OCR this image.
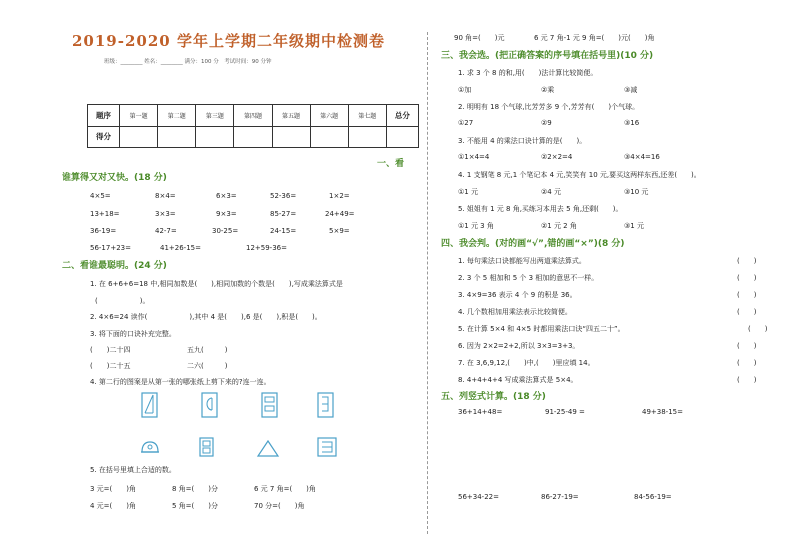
2019-2020 学年上学期二年级期中检测卷
班级：________ 姓名：________ 满分：100 分　考试时间：90 分钟
题序	第一题	第二题	第三题	第四题	第五题	第六题	第七题	总分
得分								
一、看
谁算得又对又快。(18 分)
4×5=	8×4=	6×3=	52-36=	1×2=
13+18=	3×3=	9×3=	85-27=	24+49=
36-19=	42-7=	30-25=	24-15=	5×9=
56-17+23=	41+26-15=	12+59-36=
二、看谁最聪明。(24 分)
1. 在 6+6+6=18 中,相同加数是(　　),相同加数的个数是(　　),写成乘法算式是
(　　　　　　)。
2. 4×6=24 读作(　　　　　　),其中 4 是(　　),6 是(　　),积是(　　)。
3. 将下面的口诀补充完整。
(　　)二十四	五九(　　　)
(　　)二十五	二六(　　　)
4. 第二行的图案是从第一张的哪张纸上剪下来的?连一连。
5. 在括号里填上合适的数。
3 元=(　　)角	8 角=(　　)分	6 元 7 角=(　　)角
4 元=(　　)角	5 角=(　　)分	70 分=(　　)角
90 角=(　　)元	6 元 7 角-1 元 9 角=(　　)元(　　)角
三、我会选。(把正确答案的序号填在括号里)(10 分)
1. 求 3 个 8 的和,用(　　)法计算比较简便。
①加	②乘	③减
2. 明明有 18 个气球,比芳芳多 9 个,芳芳有(　　)个气球。
①27	②9	③16
3. 不能用 4 的乘法口诀计算的是(　　)。
①1×4=4	②2×2=4	③4×4=16
4. 1 支钢笔 8 元,1 个笔记本 4 元,笑笑有 10 元,要买这两样东西,还差(　　)。
①1 元	②4 元	③10 元
5. 姐姐有 1 元 8 角,买练习本用去 5 角,还剩(　　)。
①1 元 3 角	②1 元 2 角	③1 元
四、我会判。(对的画“√”,错的画“×”)(8 分)
1. 每句乘法口诀都能写出两道乘法算式。	(　　)
2. 3 个 5 相加和 5 个 3 相加的意思不一样。	(　　)
3. 4×9=36 表示 4 个 9 的积是 36。	(　　)
4. 几个数相加用乘法表示比较简便。	(　　)
5. 在计算 5×4 和 4×5 时都用乘法口诀“四五二十”。	(　　)
6. 因为 2×2=2+2,所以 3×3=3+3。	(　　)
7. 在 3,6,9,12,(　　)中,(　　)里应填 14。	(　　)
8. 4+4+4+4 写成乘法算式是 5×4。	(　　)
五、列竖式计算。(18 分)
36+14+48=	91-25-49 =	49+38-15=
56+34-22=	86-27-19=	84-56-19=
